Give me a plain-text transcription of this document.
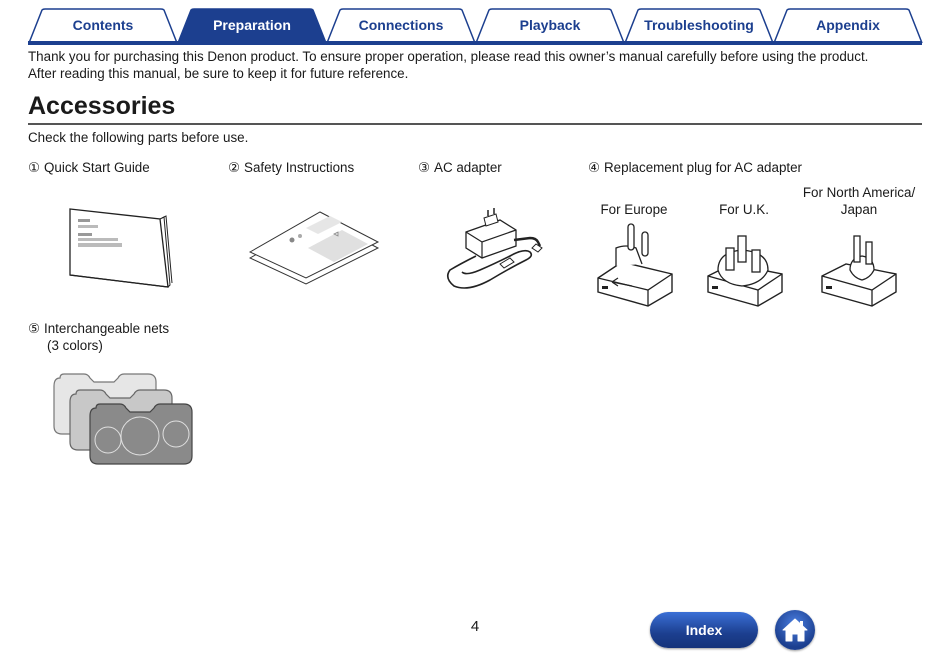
Contents	Preparation	Connections	Playback	Troubleshooting	Appendix
Thank you for purchasing this Denon product. To ensure proper operation, please read this owner’s manual carefully before using the product.
After reading this manual, be sure to keep it for future reference.
Accessories
Check the following parts before use.
① Quick Start Guide	② Safety Instructions	③ AC adapter	④ Replacement plug for AC adapter
⑤ Interchangeable nets
(3 colors)
For Europe	For U.K.
For North America/
Japan
4	Index
